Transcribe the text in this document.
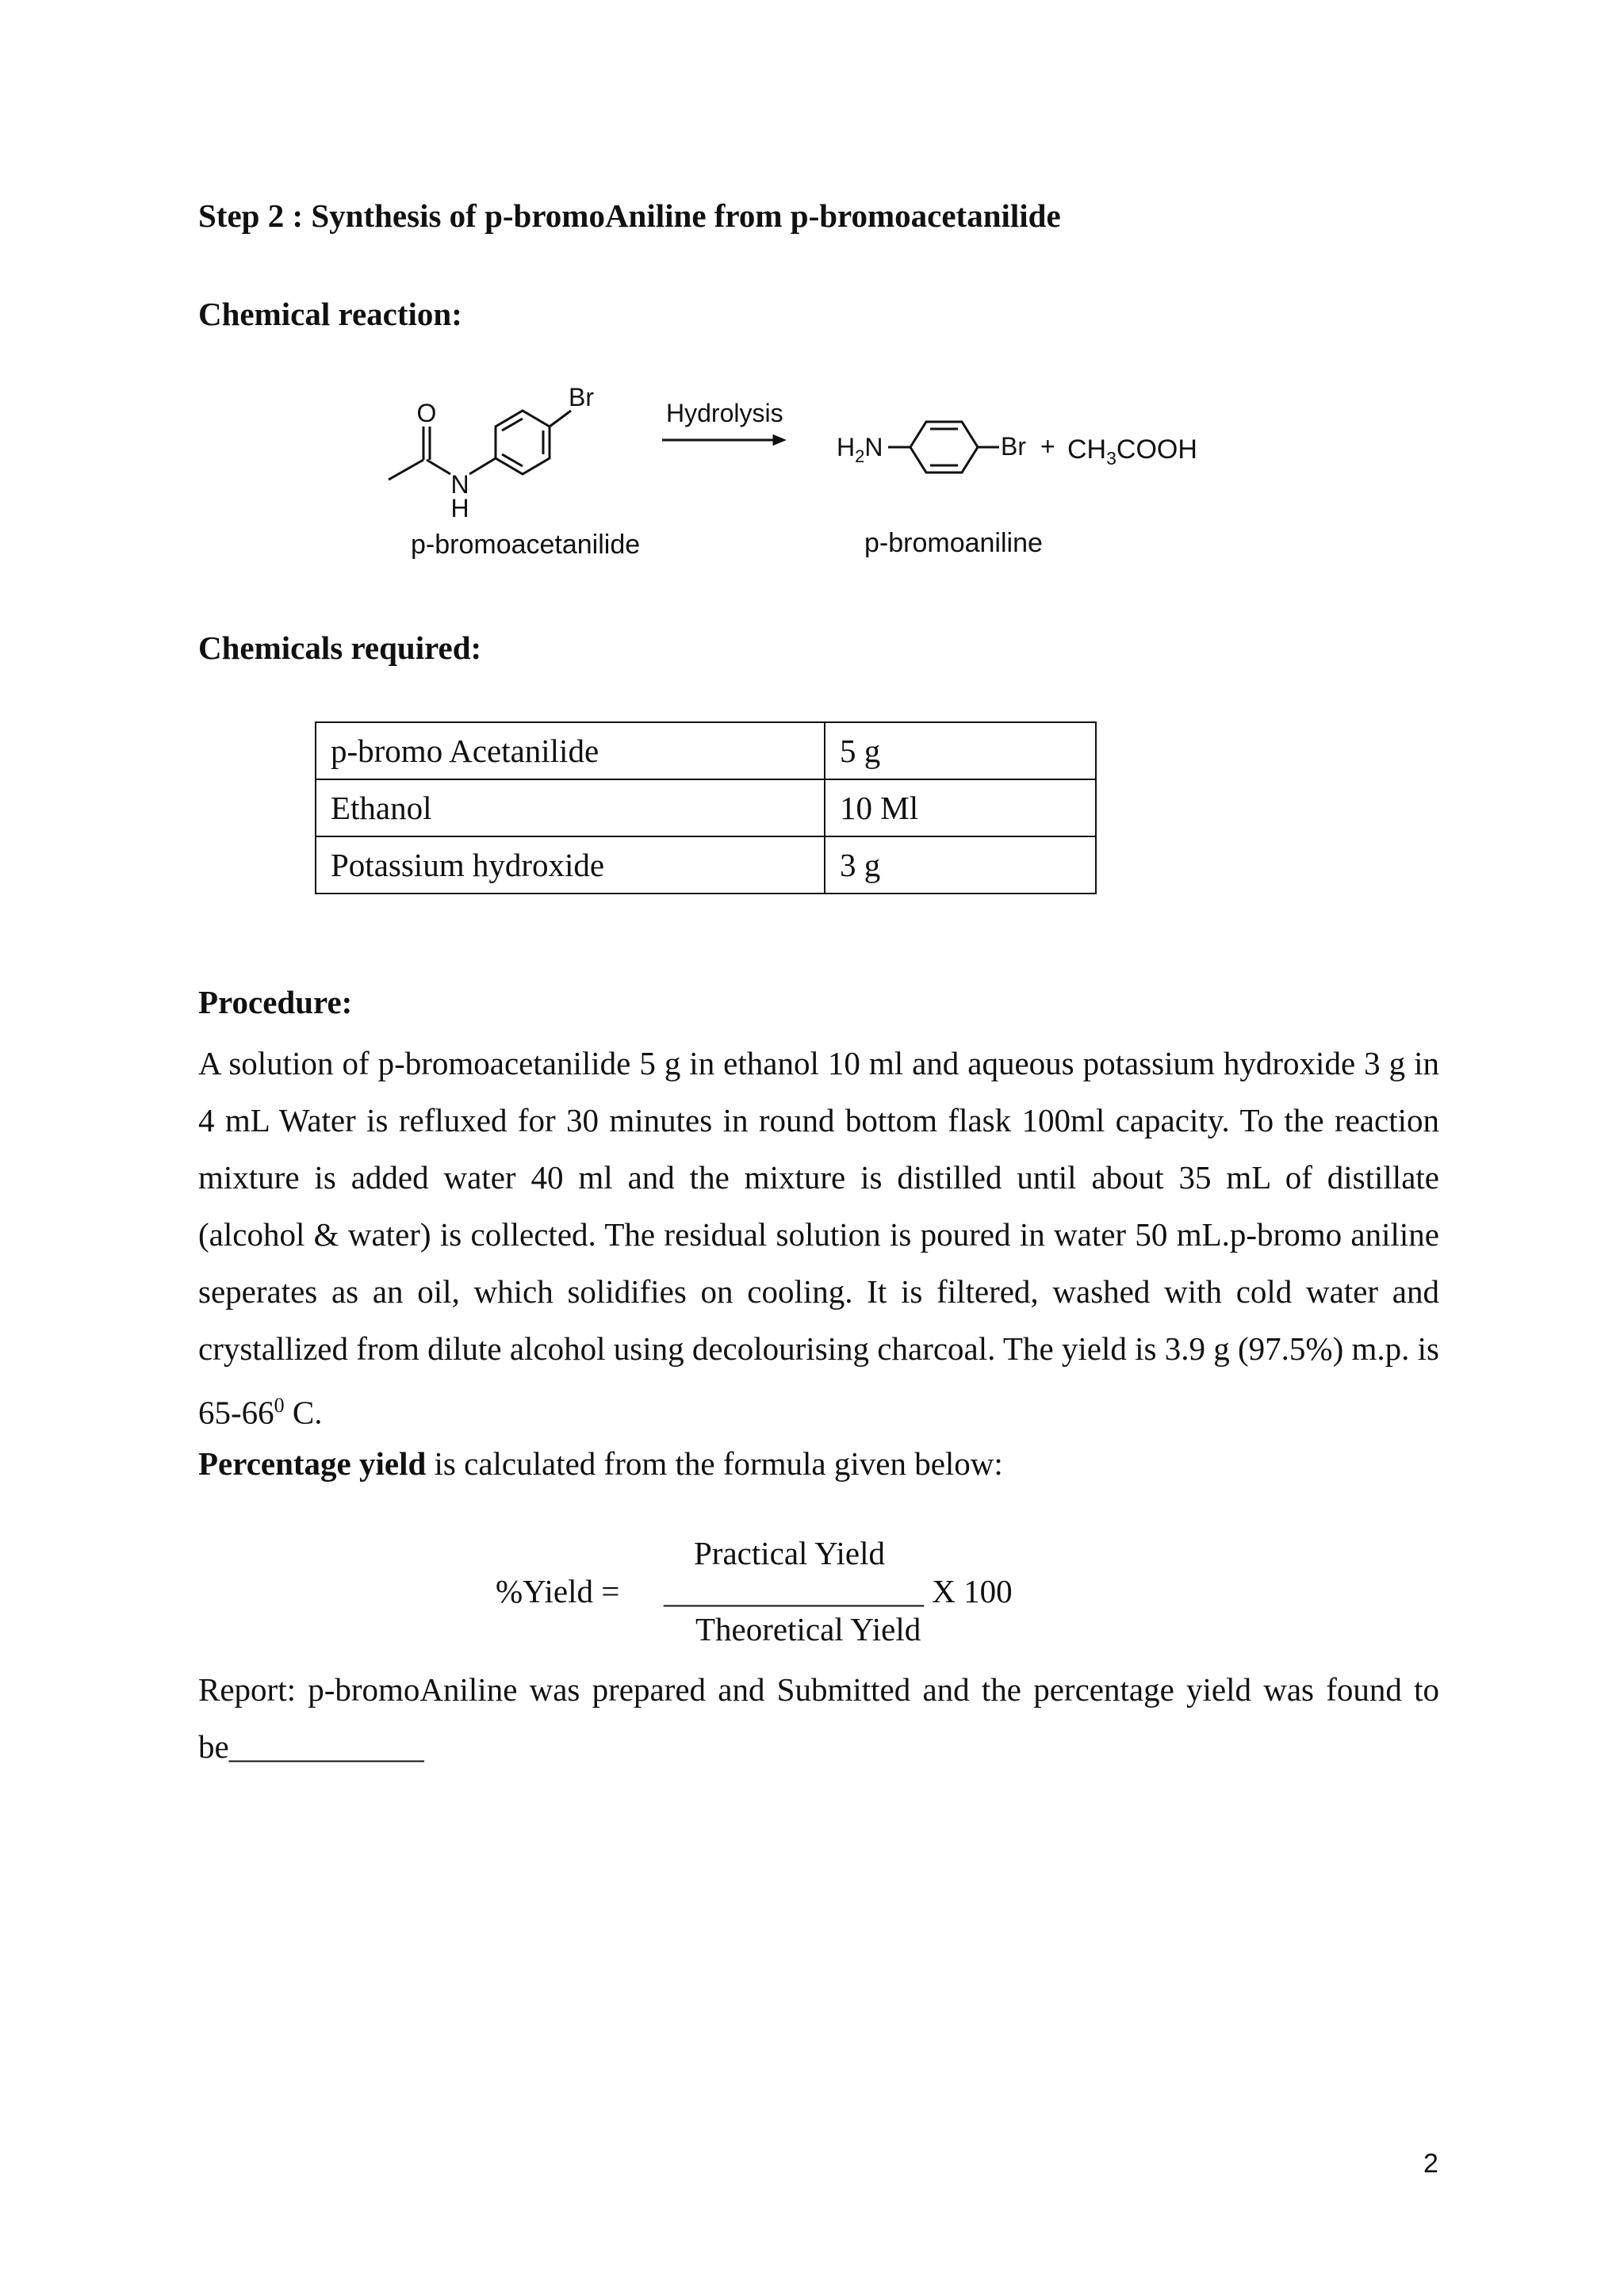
Step 2 : Synthesis of p-bromoAniline from p-bromoacetanilide
Chemical reaction:
O
N
H
Br
Hydrolysis
$H_2N$	$Br + CH_3COOH$
p-bromoacetanilide	p-bromoaniline
Chemicals required:
p-bromo Acetanilide	5 g
Ethanol	10 Ml
Potassium hydroxide	3 g
Procedure:

A solution of p-bromoacetanilide 5 g in ethanol 10 ml and aqueous potassium hydroxide 3 g in 4 mL Water is refluxed for 30 minutes in round bottom flask 100ml capacity. To the reaction mixture is added water 40 ml and the mixture is distilled until about 35 mL of distillate (alcohol & water) is collected. The residual solution is poured in water 50 mL.p-bromo aniline seperates as an oil, which solidifies on cooling. It is filtered, washed with cold water and crystallized from dilute alcohol using decolourising charcoal. The yield is 3.9 g (97.5%) m.p. is $65-66^0$ C.

Percentage yield is calculated from the formula given below:

Practical Yield
%Yield = ________________ X 100
Theoretical Yield

Report: p-bromoAniline was prepared and Submitted and the percentage yield was found to be____________

2
